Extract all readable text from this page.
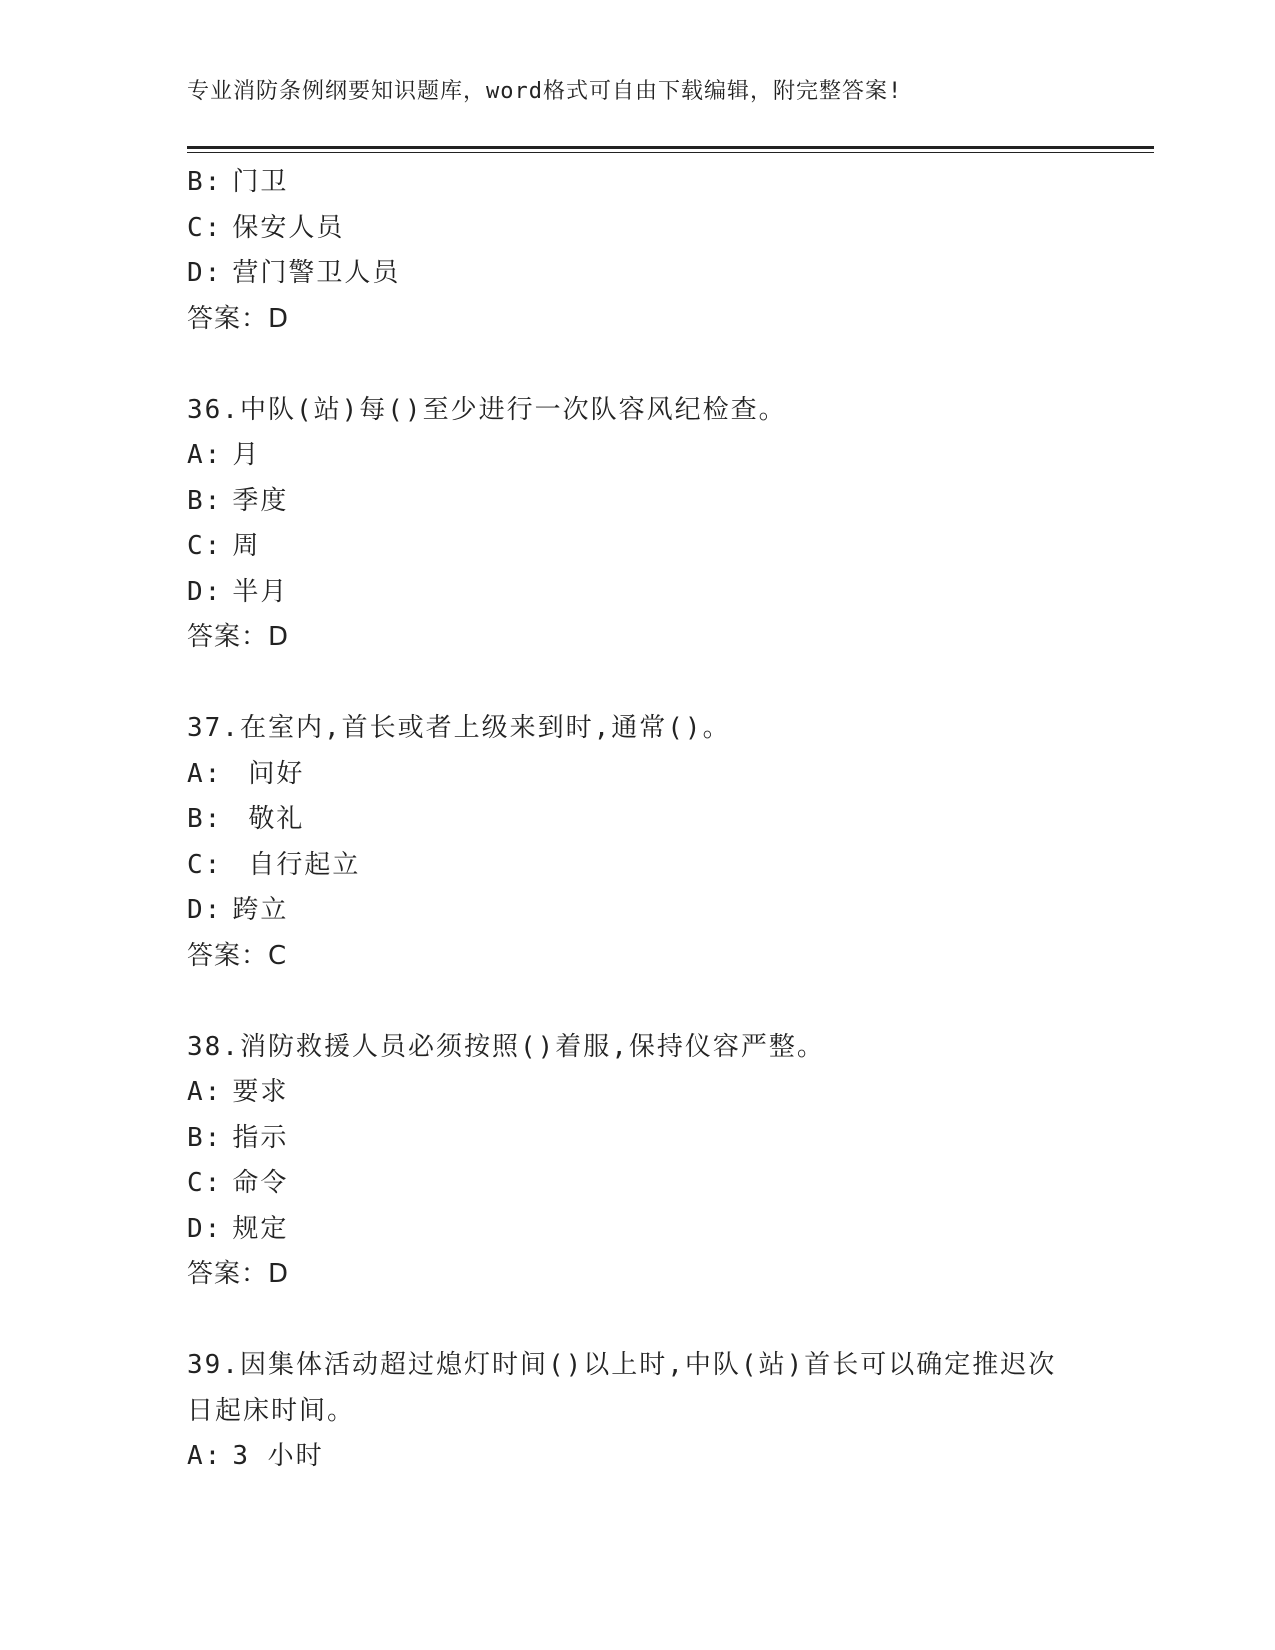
专业消防条例纲要知识题库，word格式可自由下载编辑，附完整答案!
B: 门卫
C: 保安人员
D: 营门警卫人员
答案：D
36.中队(站)每()至少进行一次队容风纪检查。
A: 月
B: 季度
C: 周
D: 半月
答案：D
37.在室内,首长或者上级来到时,通常()。
A: 问好
B: 敬礼
C: 自行起立
D: 跨立
答案：C
38.消防救援人员必须按照()着服,保持仪容严整。
A: 要求
B: 指示
C: 命令
D: 规定
答案：D
39.因集体活动超过熄灯时间()以上时,中队(站)首长可以确定推迟次
日起床时间。
A: 3 小时
